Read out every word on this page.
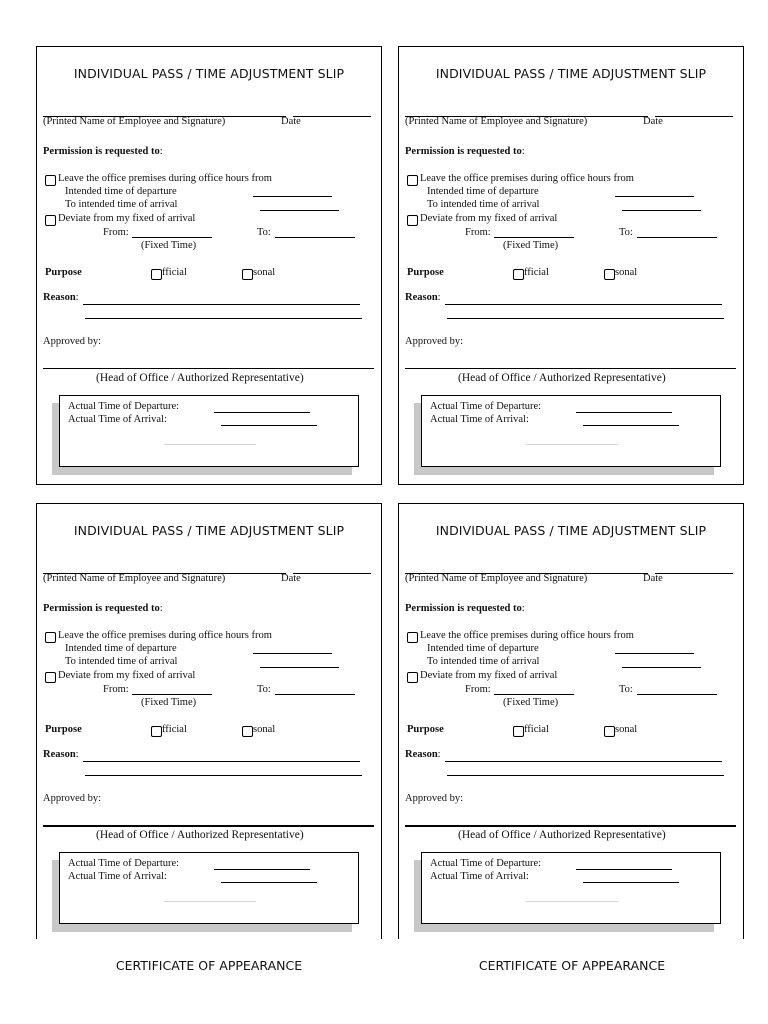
INDIVIDUAL PASS / TIME ADJUSTMENT SLIP
(Printed Name of Employee and Signature)	Date
Permission is requested to:
Leave the office premises during office hours from
Intended time of departure
To intended time of arrival
Deviate from my fixed of arrival
From:	To:
(Fixed Time)
Purpose	fficial	sonal
Reason:
Approved by:
(Head of Office / Authorized Representative)
Actual Time of Departure:
Actual Time of Arrival:
INDIVIDUAL PASS / TIME ADJUSTMENT SLIP
(Printed Name of Employee and Signature)	Date
Permission is requested to:
Leave the office premises during office hours from
Intended time of departure
To intended time of arrival
Deviate from my fixed of arrival
From:	To:
(Fixed Time)
Purpose	fficial	sonal
Reason:
Approved by:
(Head of Office / Authorized Representative)
Actual Time of Departure:
Actual Time of Arrival:
INDIVIDUAL PASS / TIME ADJUSTMENT SLIP
(Printed Name of Employee and Signature)	Date
Permission is requested to:
Leave the office premises during office hours from
Intended time of departure
To intended time of arrival
Deviate from my fixed of arrival
From:	To:
(Fixed Time)
Purpose	fficial	sonal
Reason:
Approved by:
(Head of Office / Authorized Representative)
Actual Time of Departure:
Actual Time of Arrival:
INDIVIDUAL PASS / TIME ADJUSTMENT SLIP
(Printed Name of Employee and Signature)	Date
Permission is requested to:
Leave the office premises during office hours from
Intended time of departure
To intended time of arrival
Deviate from my fixed of arrival
From:	To:
(Fixed Time)
Purpose	fficial	sonal
Reason:
Approved by:
(Head of Office / Authorized Representative)
Actual Time of Departure:
Actual Time of Arrival:
CERTIFICATE OF APPEARANCE	CERTIFICATE OF APPEARANCE
